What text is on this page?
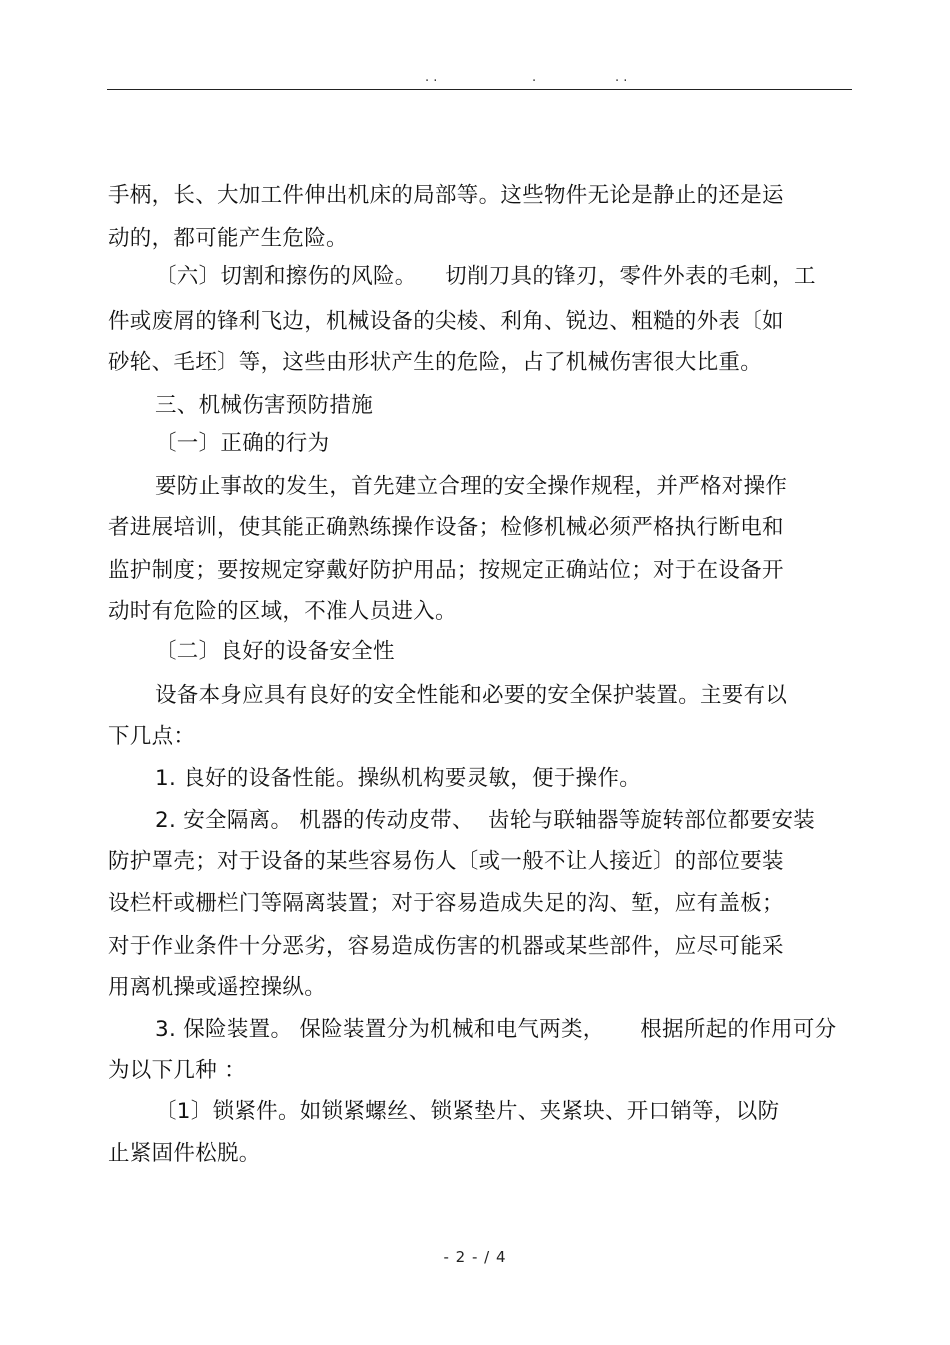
. .	.	. .
手柄，长、大加工件伸出机床的局部等。这些物件无论是静止的还是运
动的，都可能产生危险。
〔六〕切割和擦伤的风险。    切削刀具的锋刃，零件外表的毛刺，工
件或废屑的锋利飞边，机械设备的尖棱、利角、锐边、粗糙的外表〔如
砂轮、毛坯〕等，这些由形状产生的危险，占了机械伤害很大比重。
三、机械伤害预防措施
〔一〕正确的行为
要防止事故的发生，首先建立合理的安全操作规程，并严格对操作
者进展培训，使其能正确熟练操作设备；检修机械必须严格执行断电和
监护制度；要按规定穿戴好防护用品；按规定正确站位；对于在设备开
动时有危险的区域，不准人员进入。
〔二〕良好的设备安全性
设备本身应具有良好的安全性能和必要的安全保护装置。主要有以
下几点：
1. 良好的设备性能。操纵机构要灵敏，便于操作。
2. 安全隔离。 机器的传动皮带、  齿轮与联轴器等旋转部位都要安装
防护罩壳；对于设备的某些容易伤人〔或一般不让人接近〕的部位要装
设栏杆或栅栏门等隔离装置；对于容易造成失足的沟、堑，应有盖板；
对于作业条件十分恶劣，容易造成伤害的机器或某些部件，应尽可能采
用离机操或遥控操纵。
3. 保险装置。 保险装置分为机械和电气两类，     根据所起的作用可分
为以下几种 ：
〔1〕锁紧件。如锁紧螺丝、锁紧垫片、夹紧块、开口销等，以防
止紧固件松脱。
- 2 - / 4
